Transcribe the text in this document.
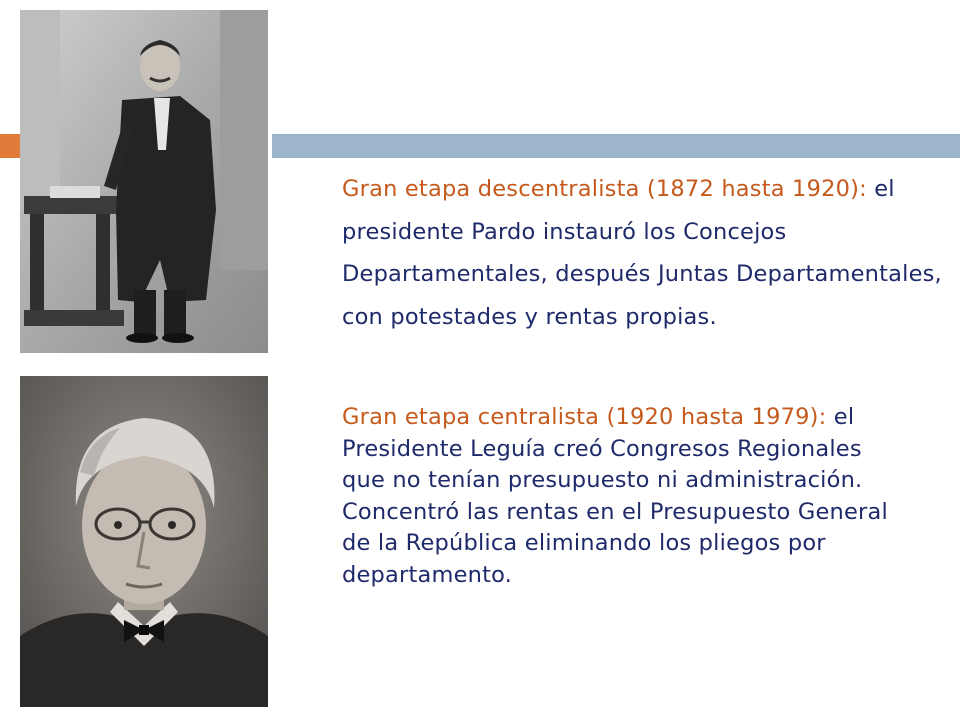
Gran etapa descentralista (1872 hasta 1920): el presidente Pardo instauró los Concejos Departamentales, después Juntas Departamentales, con potestades y rentas propias.

Gran etapa centralista (1920 hasta 1979): el Presidente Leguía creó Congresos Regionales que no tenían presupuesto ni administración. Concentró las rentas en el Presupuesto General de la República eliminando los pliegos por departamento.
